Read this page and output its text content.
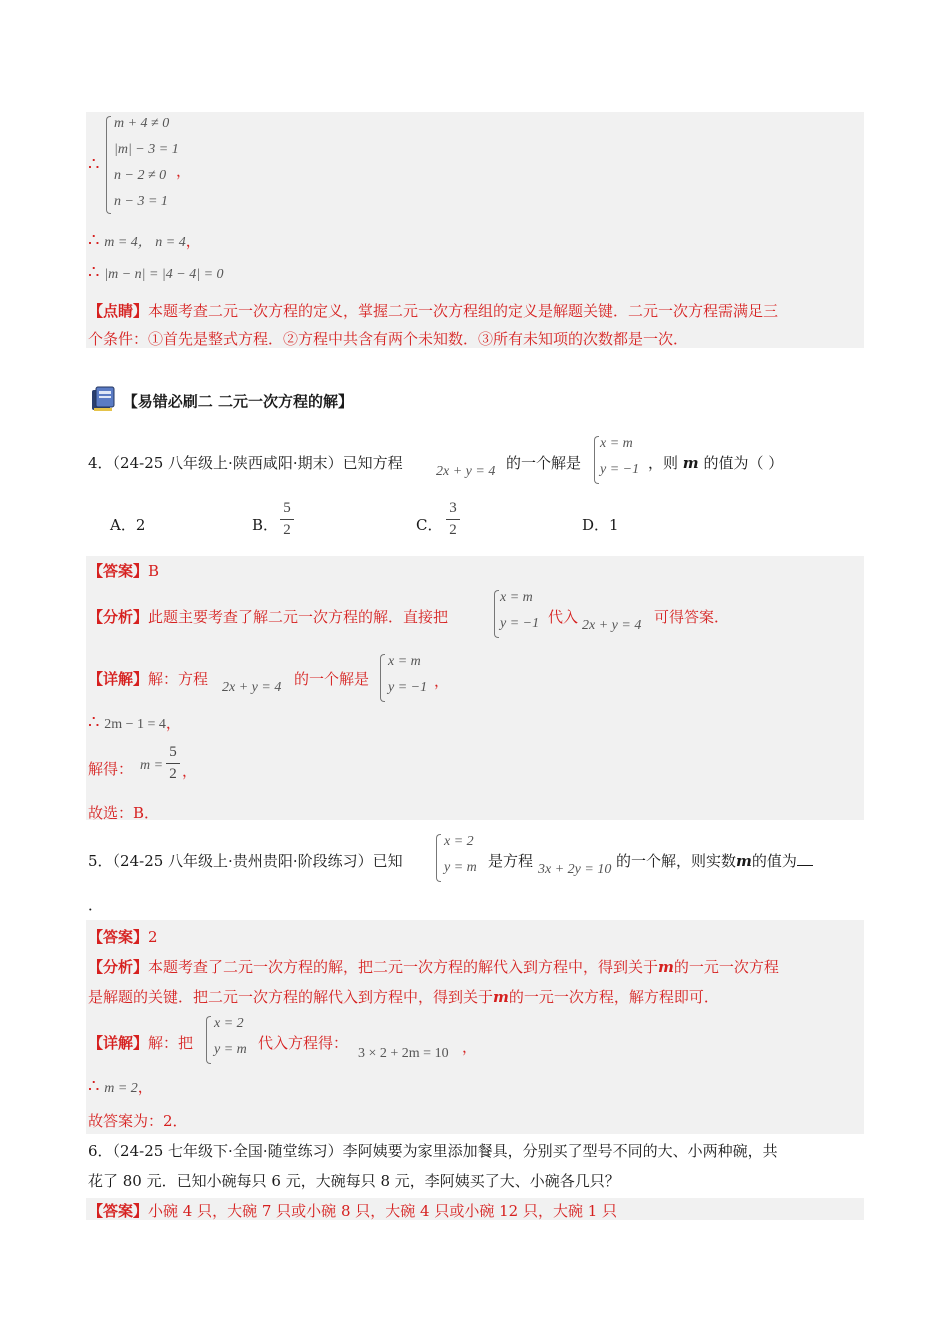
∴
m + 4 ≠ 0
|m| − 3 = 1
n − 2 ≠ 0
n − 3 = 1
，
∴ m = 4， n = 4，
∴ |m − n| = |4 − 4| = 0
【点睛】本题考查二元一次方程的定义，掌握二元一次方程组的定义是解题关键．二元一次方程需满足三
个条件：①首先是整式方程．②方程中共含有两个未知数．③所有未知项的次数都是一次．
【易错必刷二 二元一次方程的解】
4．（24-25 八年级上·陕西咸阳·期末）已知方程 2x + y = 4 的一个解是
x = m
y = −1 ，则 m 的值为（ ）
A．2	B．
5
2	C．
3
2	D．1
【答案】B
【分析】此题主要考查了解二元一次方程的解．直接把
x = m
y = −1 代入 2x + y = 4 可得答案．
【详解】解：方程 2x + y = 4 的一个解是
x = m
y = −1 ，
∴ 2m − 1 = 4，
解得： m =
5
2 ，
故选：B．
5．（24-25 八年级上·贵州贵阳·阶段练习）已知
x = 2
y = m 是方程 3x + 2y = 10 的一个解，则实数m的值为
．
【答案】2
【分析】本题考查了二元一次方程的解，把二元一次方程的解代入到方程中，得到关于m的一元一次方程
是解题的关键．把二元一次方程的解代入到方程中，得到关于m的一元一次方程，解方程即可．
【详解】解：把
x = 2
y = m 代入方程得：
3 × 2 + 2m = 10 ，
∴ m = 2，
故答案为：2．
6．（24-25 七年级下·全国·随堂练习）李阿姨要为家里添加餐具，分别买了型号不同的大、小两种碗，共
花了 80 元．已知小碗每只 6 元，大碗每只 8 元，李阿姨买了大、小碗各几只？
【答案】小碗 4 只，大碗 7 只或小碗 8 只，大碗 4 只或小碗 12 只，大碗 1 只
